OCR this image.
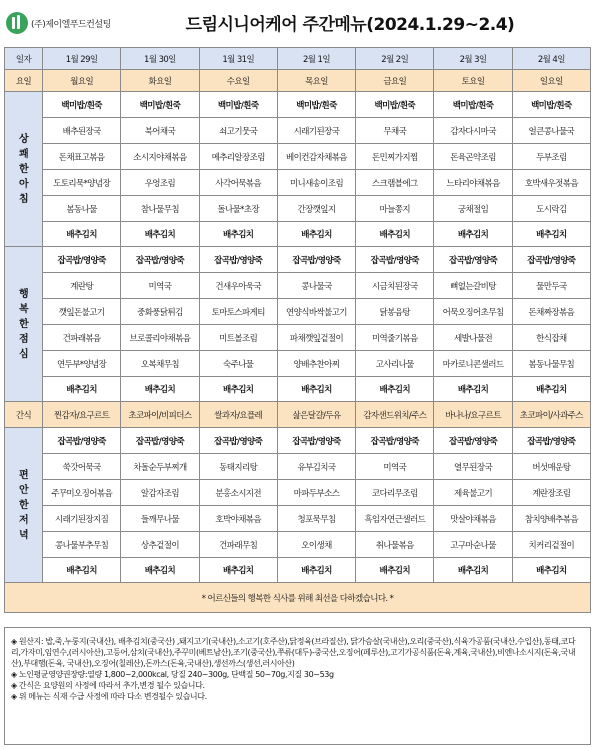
(주)제이엘푸드컨설팅	드림시니어케어 주간메뉴(2024.1.29~2.4)
일자	1월 29일	1월 30일	1월 31일	2월 1일	2월 2일	2월 3일	2월 4일
요일	월요일	화요일	수요일	목요일	금요일	토요일	일요일

상
쾌
한
아
침	백미밥/흰죽	백미밥/흰죽	백미밥/흰죽	백미밥/흰죽	백미밥/흰죽	백미밥/흰죽	백미밥/흰죽
	배추된장국	북어채국	쇠고기뭇국	시래기된장국	무채국	감자다시마국	얼큰콩나물국
	돈채표고볶음	소시지야채볶음	메추리알장조림	베이컨감자채볶음	돈민찌가지찜	돈육곤약조림	두부조림
	도토리묵*양념장	우엉조림	사각어묵볶음	미니새송이조림	스크램블에그	느타리야채볶음	호박새우젓볶음
	봄동나물	참나물무침	돌나물*초장	간장깻잎지	마늘쫑지	궁채절임	도시락김
	배추김치	배추김치	배추김치	배추김치	배추김치	배추김치	배추김치

행
복
한
점
심	잡곡밥/영양죽	잡곡밥/영양죽	잡곡밥/영양죽	잡곡밥/영양죽	잡곡밥/영양죽	잡곡밥/영양죽	잡곡밥/영양죽
	계란탕	미역국	건새우아욱국	콩나물국	시금치된장국	뼈없는갈비탕	물만두국
	깻잎돈불고기	중화풍닭튀김	토마토스파게티	연양식바싹불고기	닭봉음탕	어묵오징어초무침	돈채짜장볶음
	건파래볶음	브로콜리야채볶음	미트볼조림	파채깻잎겉절이	미역줄기볶음	세발나물전	한식잡채
	연두부*양념장	오복채무침	숙주나물	양배추찬아찌	고사리나물	마카로니콘샐러드	봄동나물무침
	배추김치	배추김치	배추김치	배추김치	배추김치	배추김치	배추김치
간식	찐감자/요구르트	초코파이/비피더스	쌀과자/요플레	삶은달걀/두유	감자샌드위치/주스	바나나/요구르트	초코파이/사과주스

편
안
한
저
녁	잡곡밥/영양죽	잡곡밥/영양죽	잡곡밥/영양죽	잡곡밥/영양죽	잡곡밥/영양죽	잡곡밥/영양죽	잡곡밥/영양죽
	쑥갓어묵국	차돌순두부찌개	동태지리탕	유부김치국	미역국	열무된장국	버섯매운탕
	주꾸미오징어볶음	알감자조림	분홍소시지전	마파두부소스	코다리무조림	제육불고기	계란장조림
	시래기된장지짐	들깨무나물	호박야채볶음	청포묵무침	흑임자연근샐러드	맛살야채볶음	참치양배추볶음
	콩나물부추무침	상추겉절이	건파래무침	오이생채	취나물볶음	고구마순나물	치커리겉절이
	배추김치	배추김치	배추김치	배추김치	배추김치	배추김치	배추김치
* 어르신들의 행복한 식사를 위해 최선을 다하겠습니다. *							

◈ 원산지: 밥,죽,누룽지(국내산), 배추김치(중국산) ,돼지고기(국내산),소고기(호주산),닭정육(브라질산), 닭가슴살(국내산),오리(중국산),식육가공품(국내산,수입산),동태,코다리,가자미,임연수,(러시아산),고등어,삼치(국내산),주꾸미(베트남산),조기(중국산),쭈류(대두)-중국산,오징어(페루산),고기가공식품(돈육,계육,국내산),비엔나소시지(돈육,국내산),부대햄(돈육, 국내산),오징어(칠레산),돈까스(돈육,국내산),생선까스(생선,러시아산)

◈ 노인평균영양권장량:열량 1,800~2,000kcal, 당질 240~300g, 단백질 50~70g,지질 30~53g

◈ 간식은 요양원의 사정에 따라서 추가,변경 될수 있습니다.

◈ 위 메뉴는 식재 수급 사정에 따라 다소 변경될수 있습니다.
